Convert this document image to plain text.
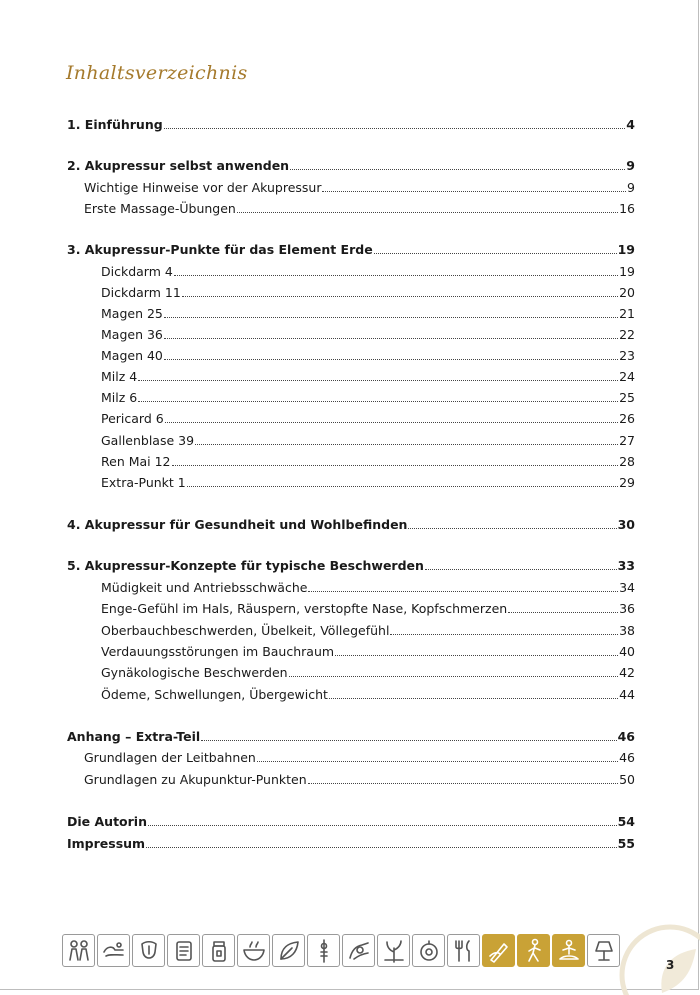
Inhaltsverzeichnis
1. Einführung	4
2. Akupressur selbst anwenden	9
Wichtige Hinweise vor der Akupressur	9
Erste Massage-Übungen	16
3. Akupressur-Punkte für das Element Erde	19
Dickdarm 4	19
Dickdarm 11	20
Magen 25	21
Magen 36	22
Magen 40	23
Milz 4	24
Milz 6	25
Pericard 6	26
Gallenblase 39	27
Ren Mai 12	28
Extra-Punkt 1	29
4. Akupressur für Gesundheit und Wohlbefinden	30
5. Akupressur-Konzepte für typische Beschwerden	33
Müdigkeit und Antriebsschwäche	34
Enge-Gefühl im Hals, Räuspern, verstopfte Nase, Kopfschmerzen	36
Oberbauchbeschwerden, Übelkeit, Völlegefühl	38
Verdauungsstörungen im Bauchraum	40
Gynäkologische Beschwerden	42
Ödeme, Schwellungen, Übergewicht	44
Anhang – Extra-Teil	46
Grundlagen der Leitbahnen	46
Grundlagen zu Akupunktur-Punkten	50
Die Autorin	54
Impressum	55
3
